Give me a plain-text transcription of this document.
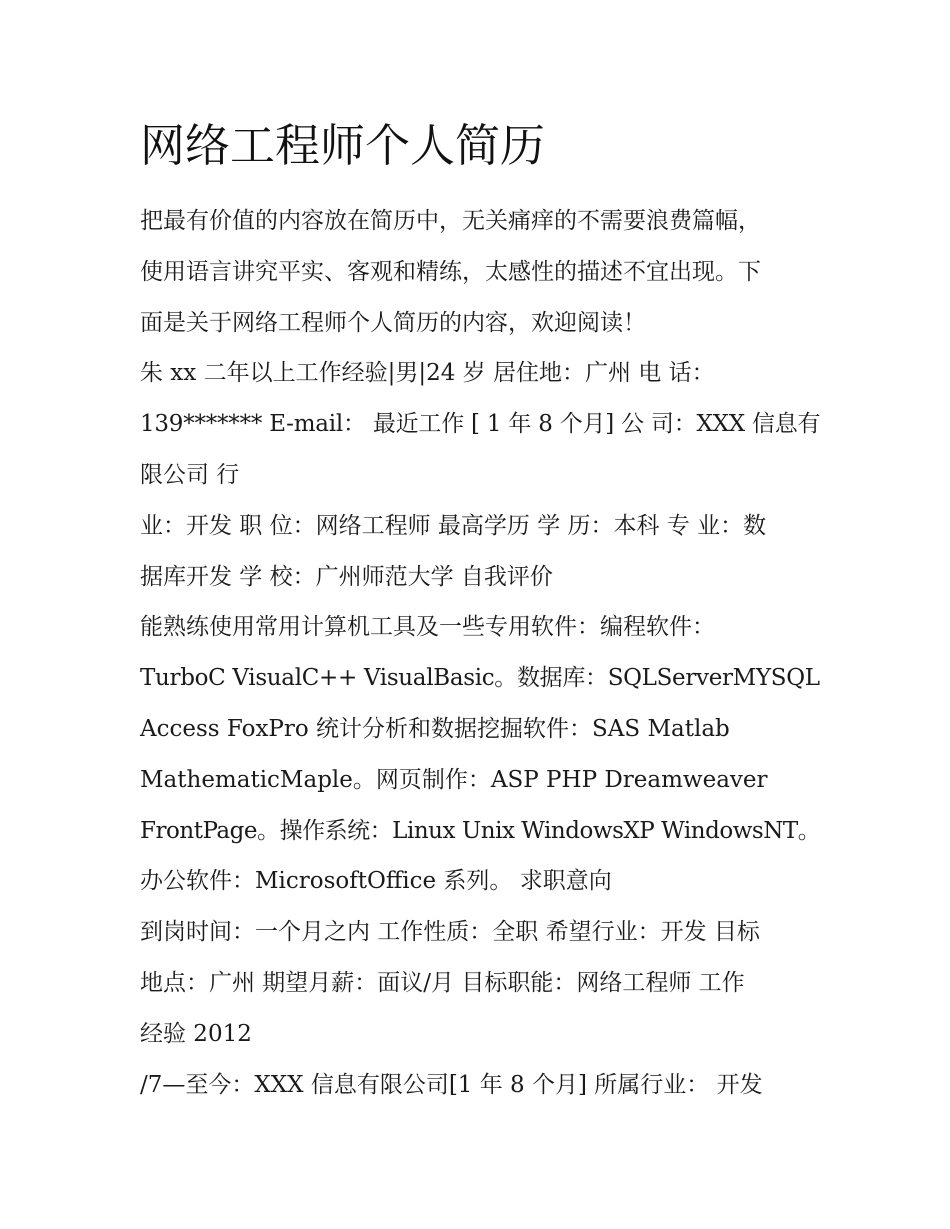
网络工程师个人简历
把最有价值的内容放在简历中，无关痛痒的不需要浪费篇幅，
使用语言讲究平实、客观和精练，太感性的描述不宜出现。下
面是关于网络工程师个人简历的内容，欢迎阅读！
朱 xx 二年以上工作经验|男|24 岁 居住地：广州 电 话：
139******* E-mail： 最近工作 [ 1 年 8 个月] 公 司：XXX 信息有
限公司 行
业：开发 职 位：网络工程师 最高学历 学 历：本科 专 业：数
据库开发 学 校：广州师范大学 自我评价
能熟练使用常用计算机工具及一些专用软件：编程软件：
TurboC VisualC++ VisualBasic。数据库：SQLServerMYSQL
Access FoxPro 统计分析和数据挖掘软件：SAS Matlab
MathematicMaple。网页制作：ASP PHP Dreamweaver
FrontPage。操作系统：Linux Unix WindowsXP WindowsNT。
办公软件：MicrosoftOffice 系列。 求职意向
到岗时间：一个月之内 工作性质：全职 希望行业：开发 目标
地点：广州 期望月薪：面议/月 目标职能：网络工程师 工作
经验 2012
/7—至今：XXX 信息有限公司[1 年 8 个月] 所属行业： 开发
